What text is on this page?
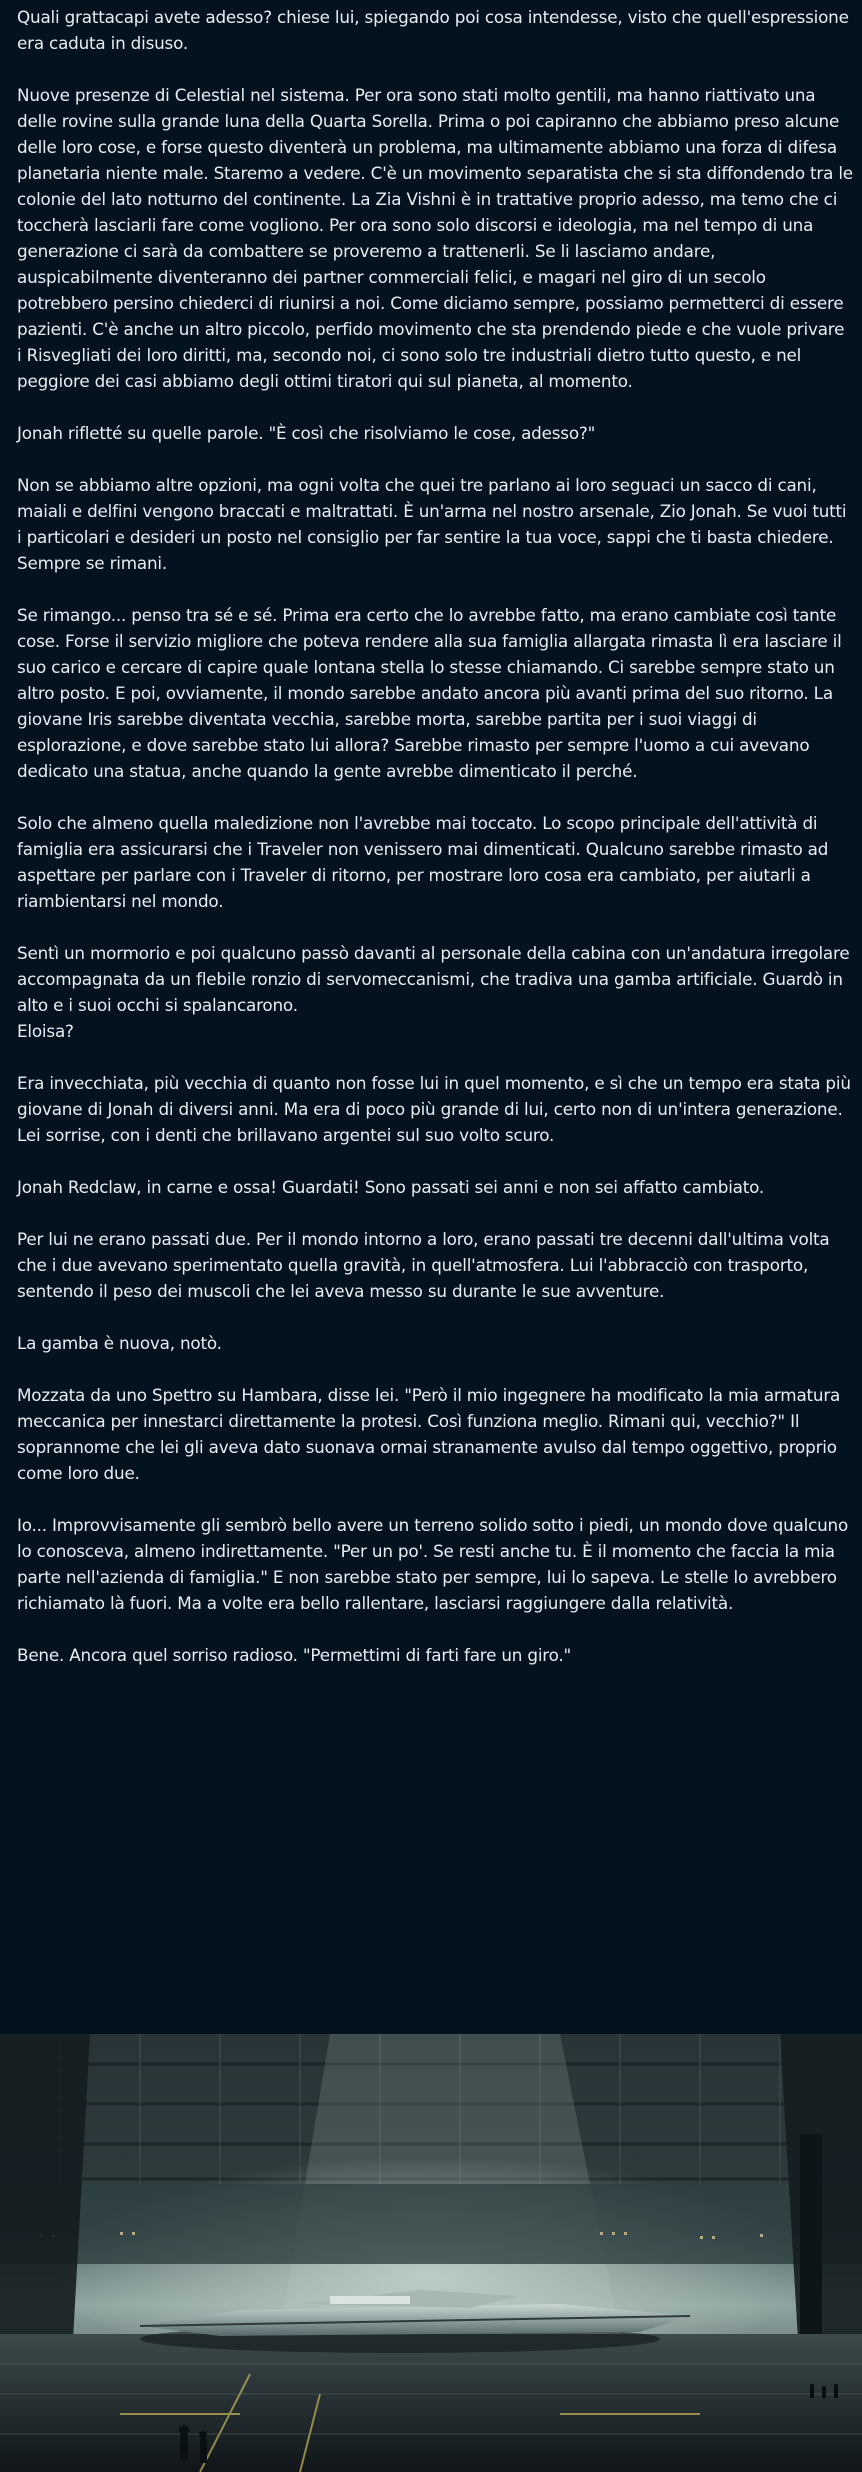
Quali grattacapi avete adesso? chiese lui, spiegando poi cosa intendesse, visto che quell'espressione era caduta in disuso.

Nuove presenze di Celestial nel sistema. Per ora sono stati molto gentili, ma hanno riattivato una delle rovine sulla grande luna della Quarta Sorella. Prima o poi capiranno che abbiamo preso alcune delle loro cose, e forse questo diventerà un problema, ma ultimamente abbiamo una forza di difesa planetaria niente male. Staremo a vedere. C'è un movimento separatista che si sta diffondendo tra le colonie del lato notturno del continente. La Zia Vishni è in trattative proprio adesso, ma temo che ci toccherà lasciarli fare come vogliono. Per ora sono solo discorsi e ideologia, ma nel tempo di una generazione ci sarà da combattere se proveremo a trattenerli. Se li lasciamo andare, auspicabilmente diventeranno dei partner commerciali felici, e magari nel giro di un secolo potrebbero persino chiederci di riunirsi a noi. Come diciamo sempre, possiamo permetterci di essere pazienti. C'è anche un altro piccolo, perfido movimento che sta prendendo piede e che vuole privare i Risvegliati dei loro diritti, ma, secondo noi, ci sono solo tre industriali dietro tutto questo, e nel peggiore dei casi abbiamo degli ottimi tiratori qui sul pianeta, al momento.

Jonah rifletté su quelle parole. "È così che risolviamo le cose, adesso?"

Non se abbiamo altre opzioni, ma ogni volta che quei tre parlano ai loro seguaci un sacco di cani, maiali e delfini vengono braccati e maltrattati. È un'arma nel nostro arsenale, Zio Jonah. Se vuoi tutti i particolari e desideri un posto nel consiglio per far sentire la tua voce, sappi che ti basta chiedere. Sempre se rimani.

Se rimango... penso tra sé e sé. Prima era certo che lo avrebbe fatto, ma erano cambiate così tante cose. Forse il servizio migliore che poteva rendere alla sua famiglia allargata rimasta lì era lasciare il suo carico e cercare di capire quale lontana stella lo stesse chiamando. Ci sarebbe sempre stato un altro posto. E poi, ovviamente, il mondo sarebbe andato ancora più avanti prima del suo ritorno. La giovane Iris sarebbe diventata vecchia, sarebbe morta, sarebbe partita per i suoi viaggi di esplorazione, e dove sarebbe stato lui allora? Sarebbe rimasto per sempre l'uomo a cui avevano dedicato una statua, anche quando la gente avrebbe dimenticato il perché.

Solo che almeno quella maledizione non l'avrebbe mai toccato. Lo scopo principale dell'attività di famiglia era assicurarsi che i Traveler non venissero mai dimenticati. Qualcuno sarebbe rimasto ad aspettare per parlare con i Traveler di ritorno, per mostrare loro cosa era cambiato, per aiutarli a riambientarsi nel mondo.

Sentì un mormorio e poi qualcuno passò davanti al personale della cabina con un'andatura irregolare accompagnata da un flebile ronzio di servomeccanismi, che tradiva una gamba artificiale. Guardò in alto e i suoi occhi si spalancarono.
Eloisa?

Era invecchiata, più vecchia di quanto non fosse lui in quel momento, e sì che un tempo era stata più giovane di Jonah di diversi anni. Ma era di poco più grande di lui, certo non di un'intera generazione. Lei sorrise, con i denti che brillavano argentei sul suo volto scuro.

Jonah Redclaw, in carne e ossa! Guardati! Sono passati sei anni e non sei affatto cambiato.

Per lui ne erano passati due. Per il mondo intorno a loro, erano passati tre decenni dall'ultima volta che i due avevano sperimentato quella gravità, in quell'atmosfera. Lui l'abbracciò con trasporto, sentendo il peso dei muscoli che lei aveva messo su durante le sue avventure.

La gamba è nuova, notò.

Mozzata da uno Spettro su Hambara, disse lei. "Però il mio ingegnere ha modificato la mia armatura meccanica per innestarci direttamente la protesi. Così funziona meglio. Rimani qui, vecchio?" Il soprannome che lei gli aveva dato suonava ormai stranamente avulso dal tempo oggettivo, proprio come loro due.

Io... Improvvisamente gli sembrò bello avere un terreno solido sotto i piedi, un mondo dove qualcuno lo conosceva, almeno indirettamente. "Per un po'. Se resti anche tu. È il momento che faccia la mia parte nell'azienda di famiglia." E non sarebbe stato per sempre, lui lo sapeva. Le stelle lo avrebbero richiamato là fuori. Ma a volte era bello rallentare, lasciarsi raggiungere dalla relatività.

Bene. Ancora quel sorriso radioso. "Permettimi di farti fare un giro."
